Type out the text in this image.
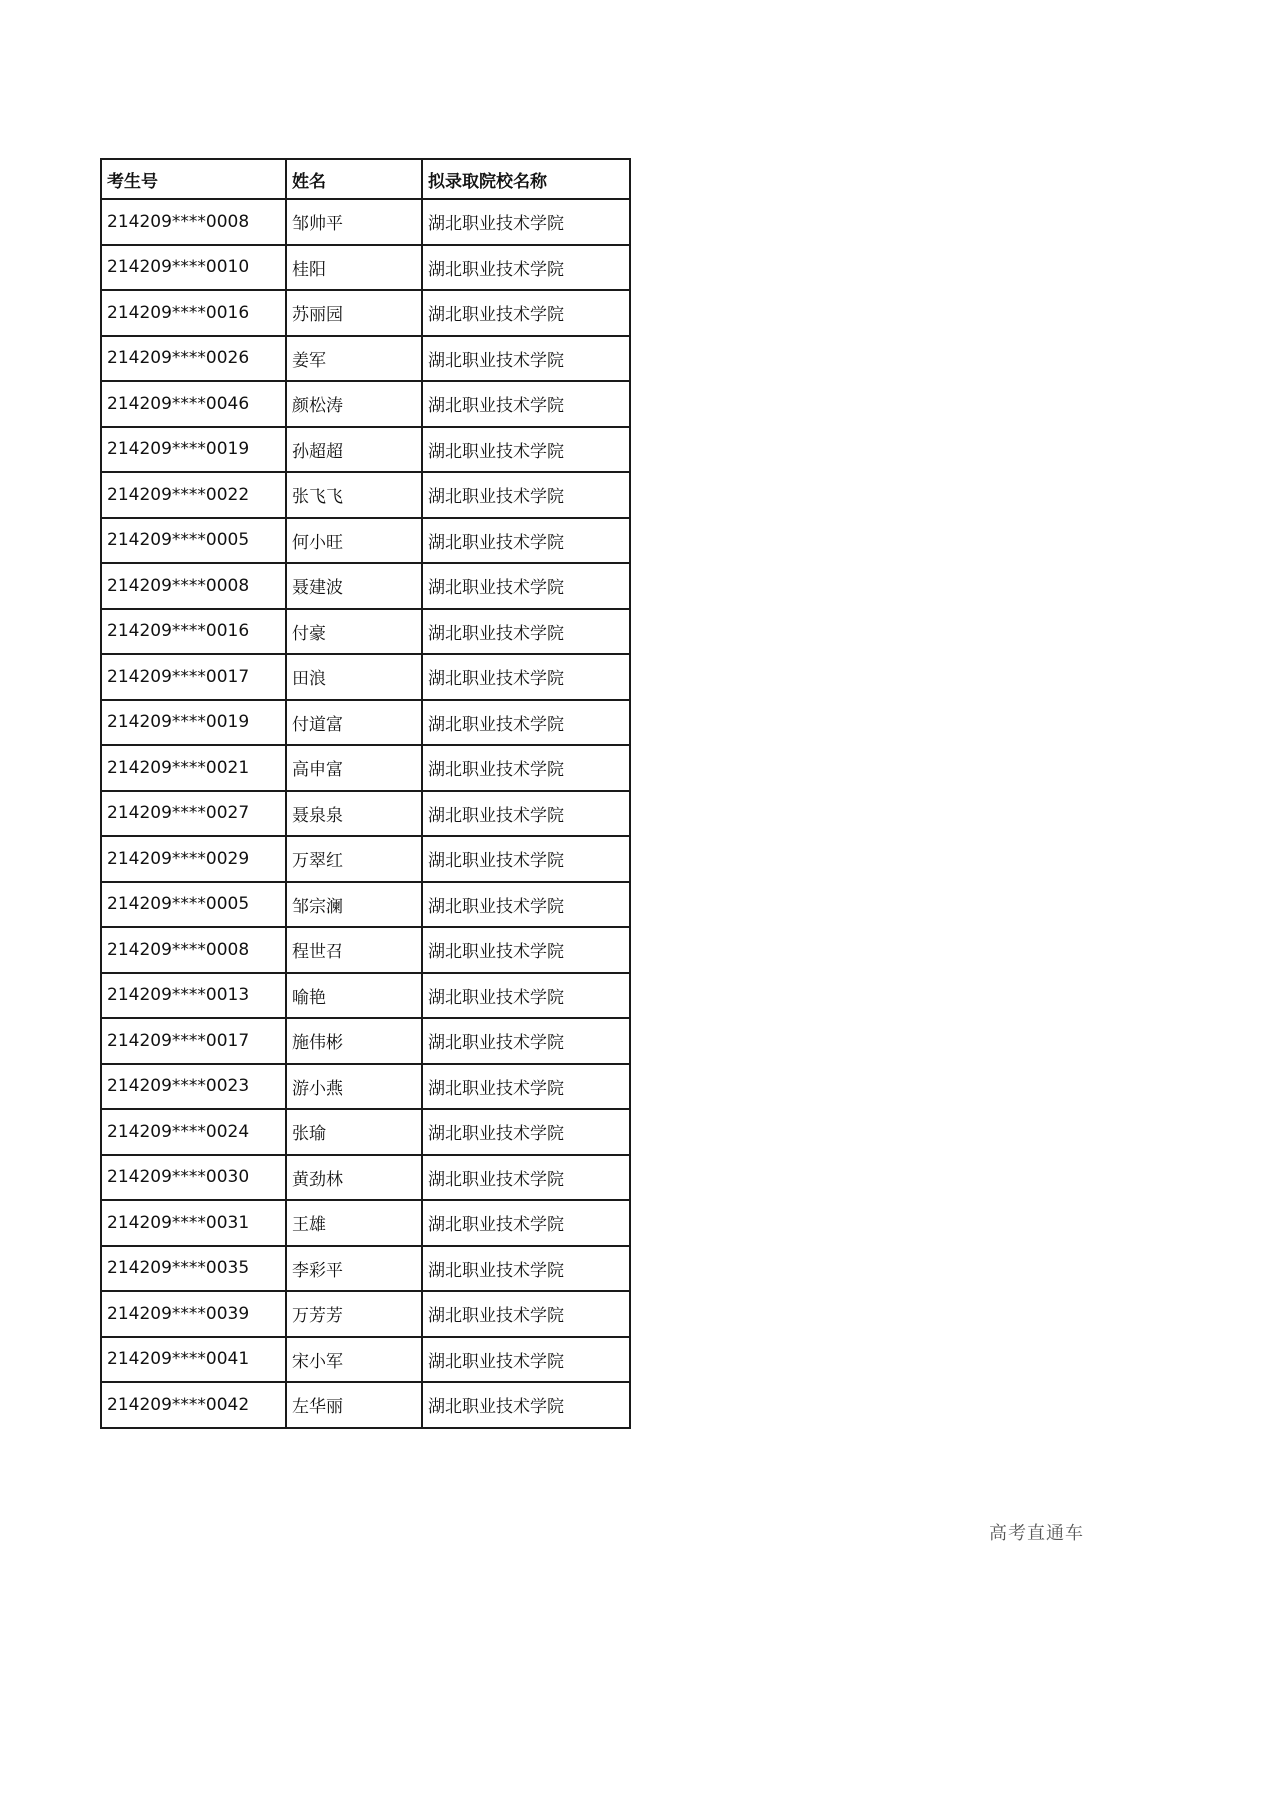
考生号	姓名	拟录取院校名称
214209****0008	邹帅平	湖北职业技术学院
214209****0010	桂阳	湖北职业技术学院
214209****0016	苏丽园	湖北职业技术学院
214209****0026	姜军	湖北职业技术学院
214209****0046	颜松涛	湖北职业技术学院
214209****0019	孙超超	湖北职业技术学院
214209****0022	张飞飞	湖北职业技术学院
214209****0005	何小旺	湖北职业技术学院
214209****0008	聂建波	湖北职业技术学院
214209****0016	付豪	湖北职业技术学院
214209****0017	田浪	湖北职业技术学院
214209****0019	付道富	湖北职业技术学院
214209****0021	高申富	湖北职业技术学院
214209****0027	聂泉泉	湖北职业技术学院
214209****0029	万翠红	湖北职业技术学院
214209****0005	邹宗澜	湖北职业技术学院
214209****0008	程世召	湖北职业技术学院
214209****0013	喻艳	湖北职业技术学院
214209****0017	施伟彬	湖北职业技术学院
214209****0023	游小燕	湖北职业技术学院
214209****0024	张瑜	湖北职业技术学院
214209****0030	黄劲林	湖北职业技术学院
214209****0031	王雄	湖北职业技术学院
214209****0035	李彩平	湖北职业技术学院
214209****0039	万芳芳	湖北职业技术学院
214209****0041	宋小军	湖北职业技术学院
214209****0042	左华丽	湖北职业技术学院
高考直通车
